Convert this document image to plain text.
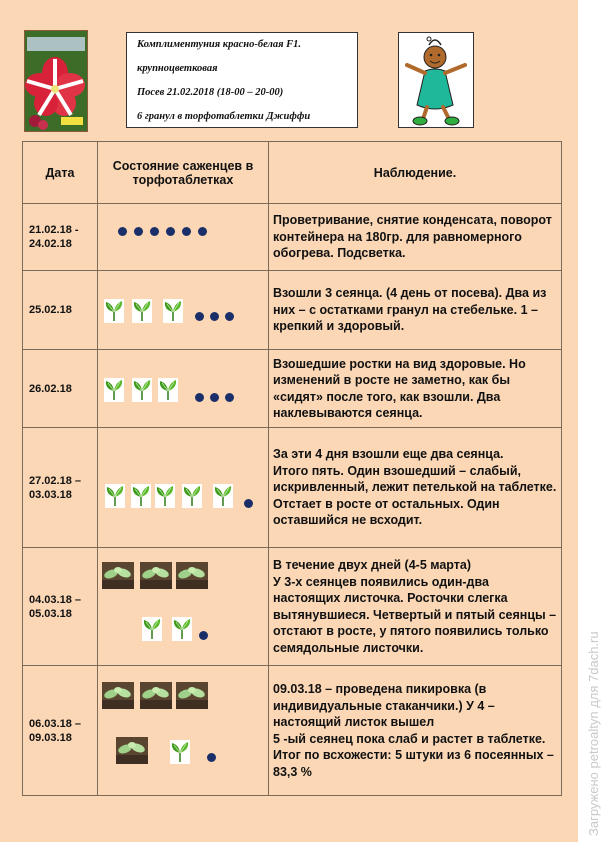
Комплиментуния красно-белая F1.
крупноцветковая
Посев 21.02.2018 (18-00 – 20-00)
6 гранул в торфотаблетки Джиффи
Дата	Состояние саженцев в торфотаблетках	Наблюдение.
21.02.18 -
24.02.18		Проветривание, снятие конденсата, поворот контейнера на 180гр. для равномерного обогрева. Подсветка.
25.02.18		Взошли 3 сеянца. (4 день от посева). Два из них – с остатками гранул на стебельке. 1 – крепкий и здоровый.
26.02.18		Взошедшие ростки на вид здоровые. Но изменений в росте не заметно, как бы «сидят» после того, как взошли. Два наклевываются сеянца.
27.02.18 –
03.03.18		За эти 4 дня взошли еще два сеянца.
Итого пять. Один взошедший – слабый, искривленный, лежит петелькой на таблетке.
Отстает в росте от остальных. Один оставшийся не всходит.
04.03.18 –
05.03.18		В течение двух дней (4-5 марта)
У 3-х сеянцев появились один-два настоящих листочка. Росточки слегка вытянувшиеся. Четвертый и пятый сеянцы – отстают в росте, у пятого появились только семядольные листочки.
06.03.18 –
09.03.18		09.03.18 – проведена пикировка (в индивидуальные стаканчики.) У 4 – настоящий листок вышел
5 -ый сеянец пока слаб и растет в таблетке. Итог по всхожести: 5 штуки из 6 посеянных – 83,3 %	Загружено petroaltyn для 7dach.ru
